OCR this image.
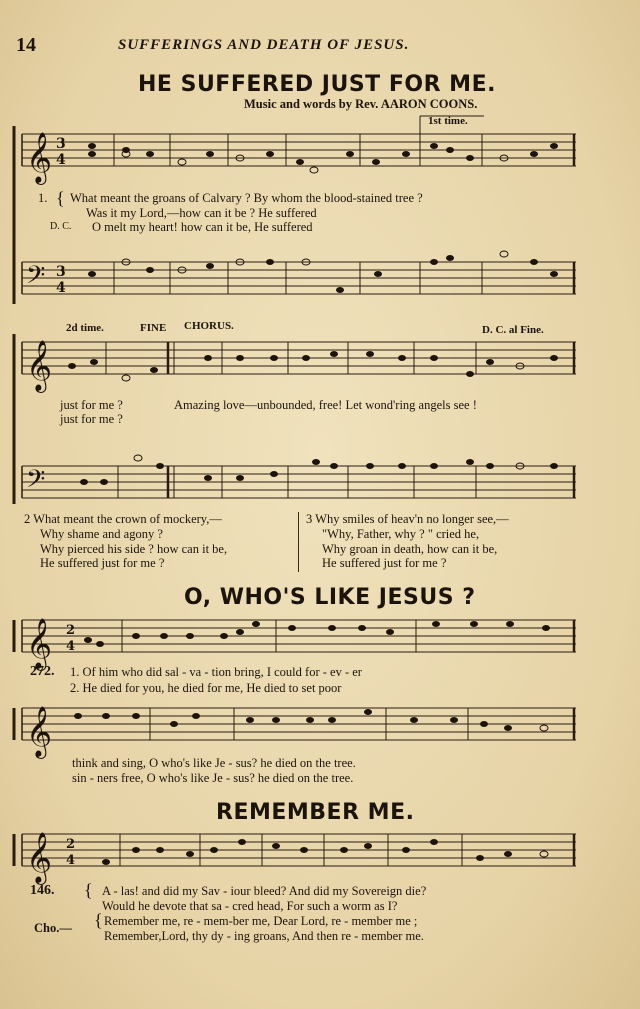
14	SUFFERINGS AND DEATH OF JESUS.
HE SUFFERED JUST FOR ME.
Music and words by Rev. AARON COONS.
1st time.
𝄞 3
4
1. { What meant the groans of Calvary ? By whom the blood-stained tree ?
Was it my Lord,—how can it be ? He suffered
D. C. O melt my heart! how can it be, He suffered
𝄢 3
4
2d time.	FINE CHORUS.	D. C. al Fine.
𝄞
just for me ?
just for me ?
Amazing love—unbounded, free! Let wond'ring angels see !
𝄢
2 What meant the crown of mockery,—
Why shame and agony ?
Why pierced his side ? how can it be,
He suffered just for me ?
3 Why smiles of heav'n no longer see,—
"Why, Father, why ? " cried he,
Why groan in death, how can it be,
He suffered just for me ?
O, WHO'S LIKE JESUS ?
𝄞 2
4
272. 1. Of him who did sal - va - tion bring, I could for - ev - er
2. He died for you, he died for me, He died to set poor
𝄞
think and sing, O who's like Je - sus? he died on the tree.
sin - ners free, O who's like Je - sus? he died on the tree.
REMEMBER ME.
𝄞 2
4
146. { A - las! and did my Sav - iour bleed? And did my Sovereign die?
Would he devote that sa - cred head, For such a worm as I?
Cho.— { Remember me, re - mem-ber me, Dear Lord, re - member me ;
Remember,Lord, thy dy - ing groans, And then re - member me.
